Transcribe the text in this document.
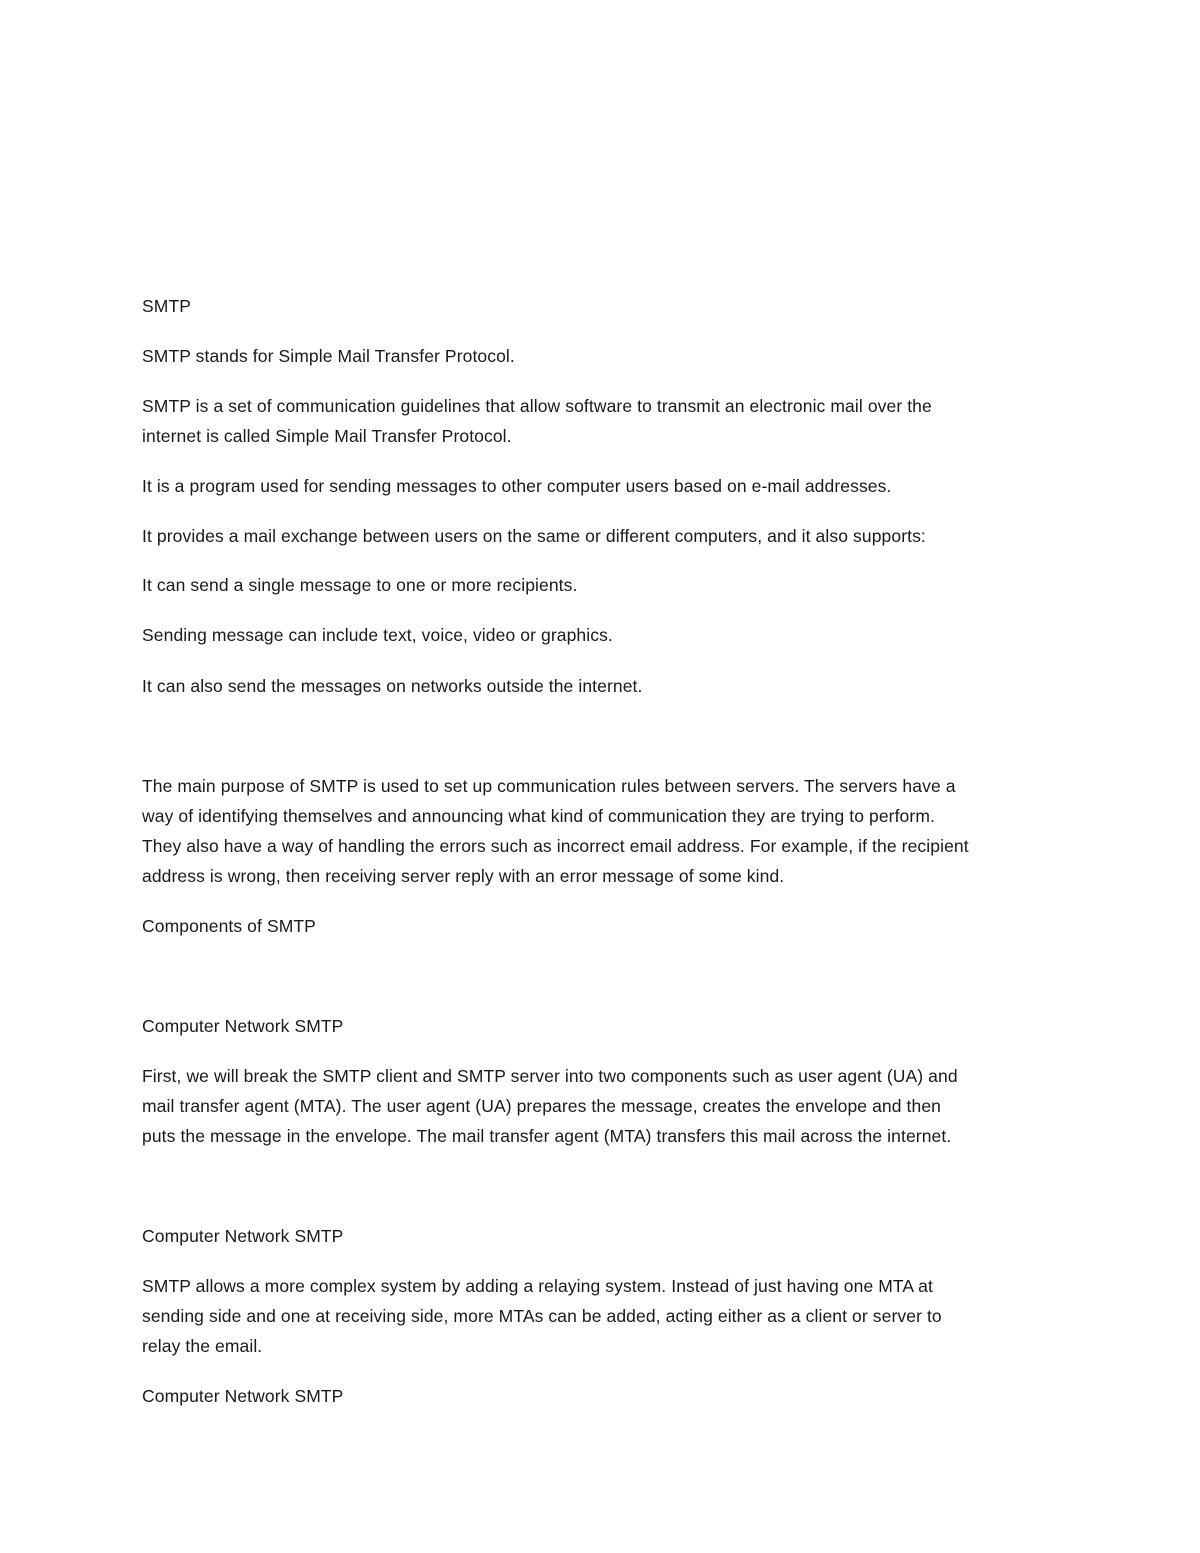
SMTP
SMTP stands for Simple Mail Transfer Protocol.
SMTP is a set of communication guidelines that allow software to transmit an electronic mail over the
internet is called Simple Mail Transfer Protocol.
It is a program used for sending messages to other computer users based on e-mail addresses.
It provides a mail exchange between users on the same or different computers, and it also supports:
It can send a single message to one or more recipients.
Sending message can include text, voice, video or graphics.
It can also send the messages on networks outside the internet.
The main purpose of SMTP is used to set up communication rules between servers. The servers have a
way of identifying themselves and announcing what kind of communication they are trying to perform.
They also have a way of handling the errors such as incorrect email address. For example, if the recipient
address is wrong, then receiving server reply with an error message of some kind.
Components of SMTP
Computer Network SMTP
First, we will break the SMTP client and SMTP server into two components such as user agent (UA) and
mail transfer agent (MTA). The user agent (UA) prepares the message, creates the envelope and then
puts the message in the envelope. The mail transfer agent (MTA) transfers this mail across the internet.
Computer Network SMTP
SMTP allows a more complex system by adding a relaying system. Instead of just having one MTA at
sending side and one at receiving side, more MTAs can be added, acting either as a client or server to
relay the email.
Computer Network SMTP
